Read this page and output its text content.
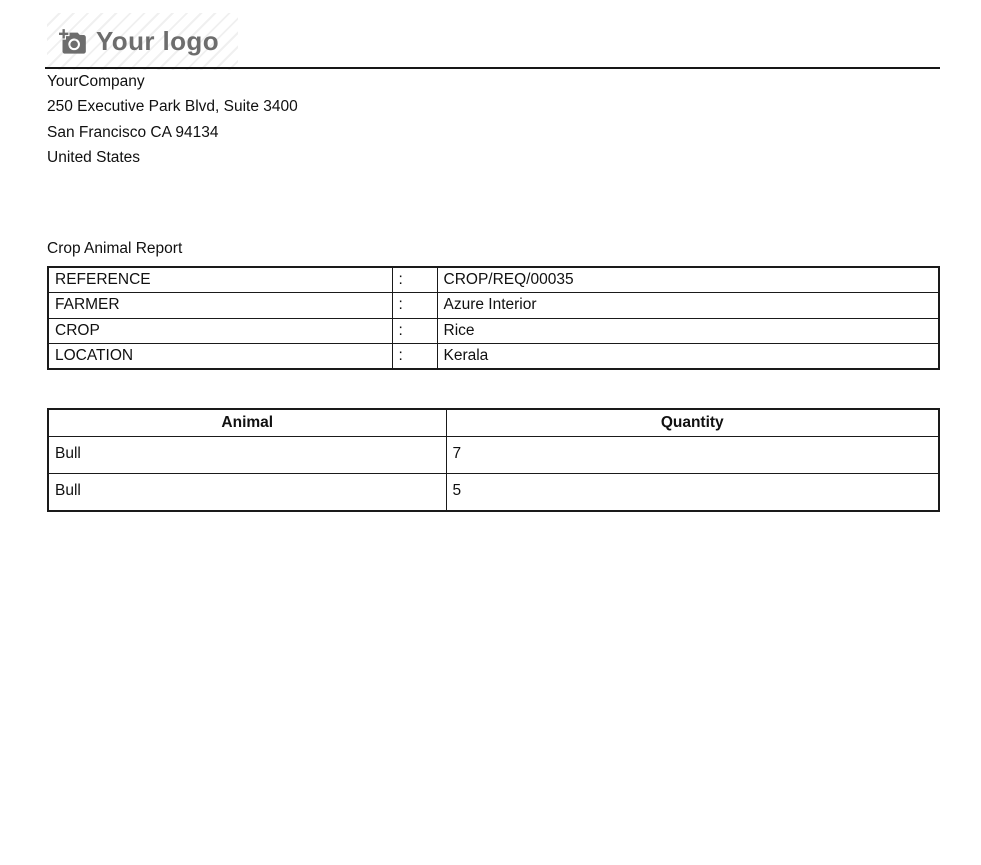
Your logo
YourCompany
250 Executive Park Blvd, Suite 3400
San Francisco CA 94134
United States
Crop Animal Report
REFERENCE	:	CROP/REQ/00035
FARMER	:	Azure Interior
CROP	:	Rice
LOCATION	:	Kerala
Animal	Quantity
Bull	7
Bull	5
